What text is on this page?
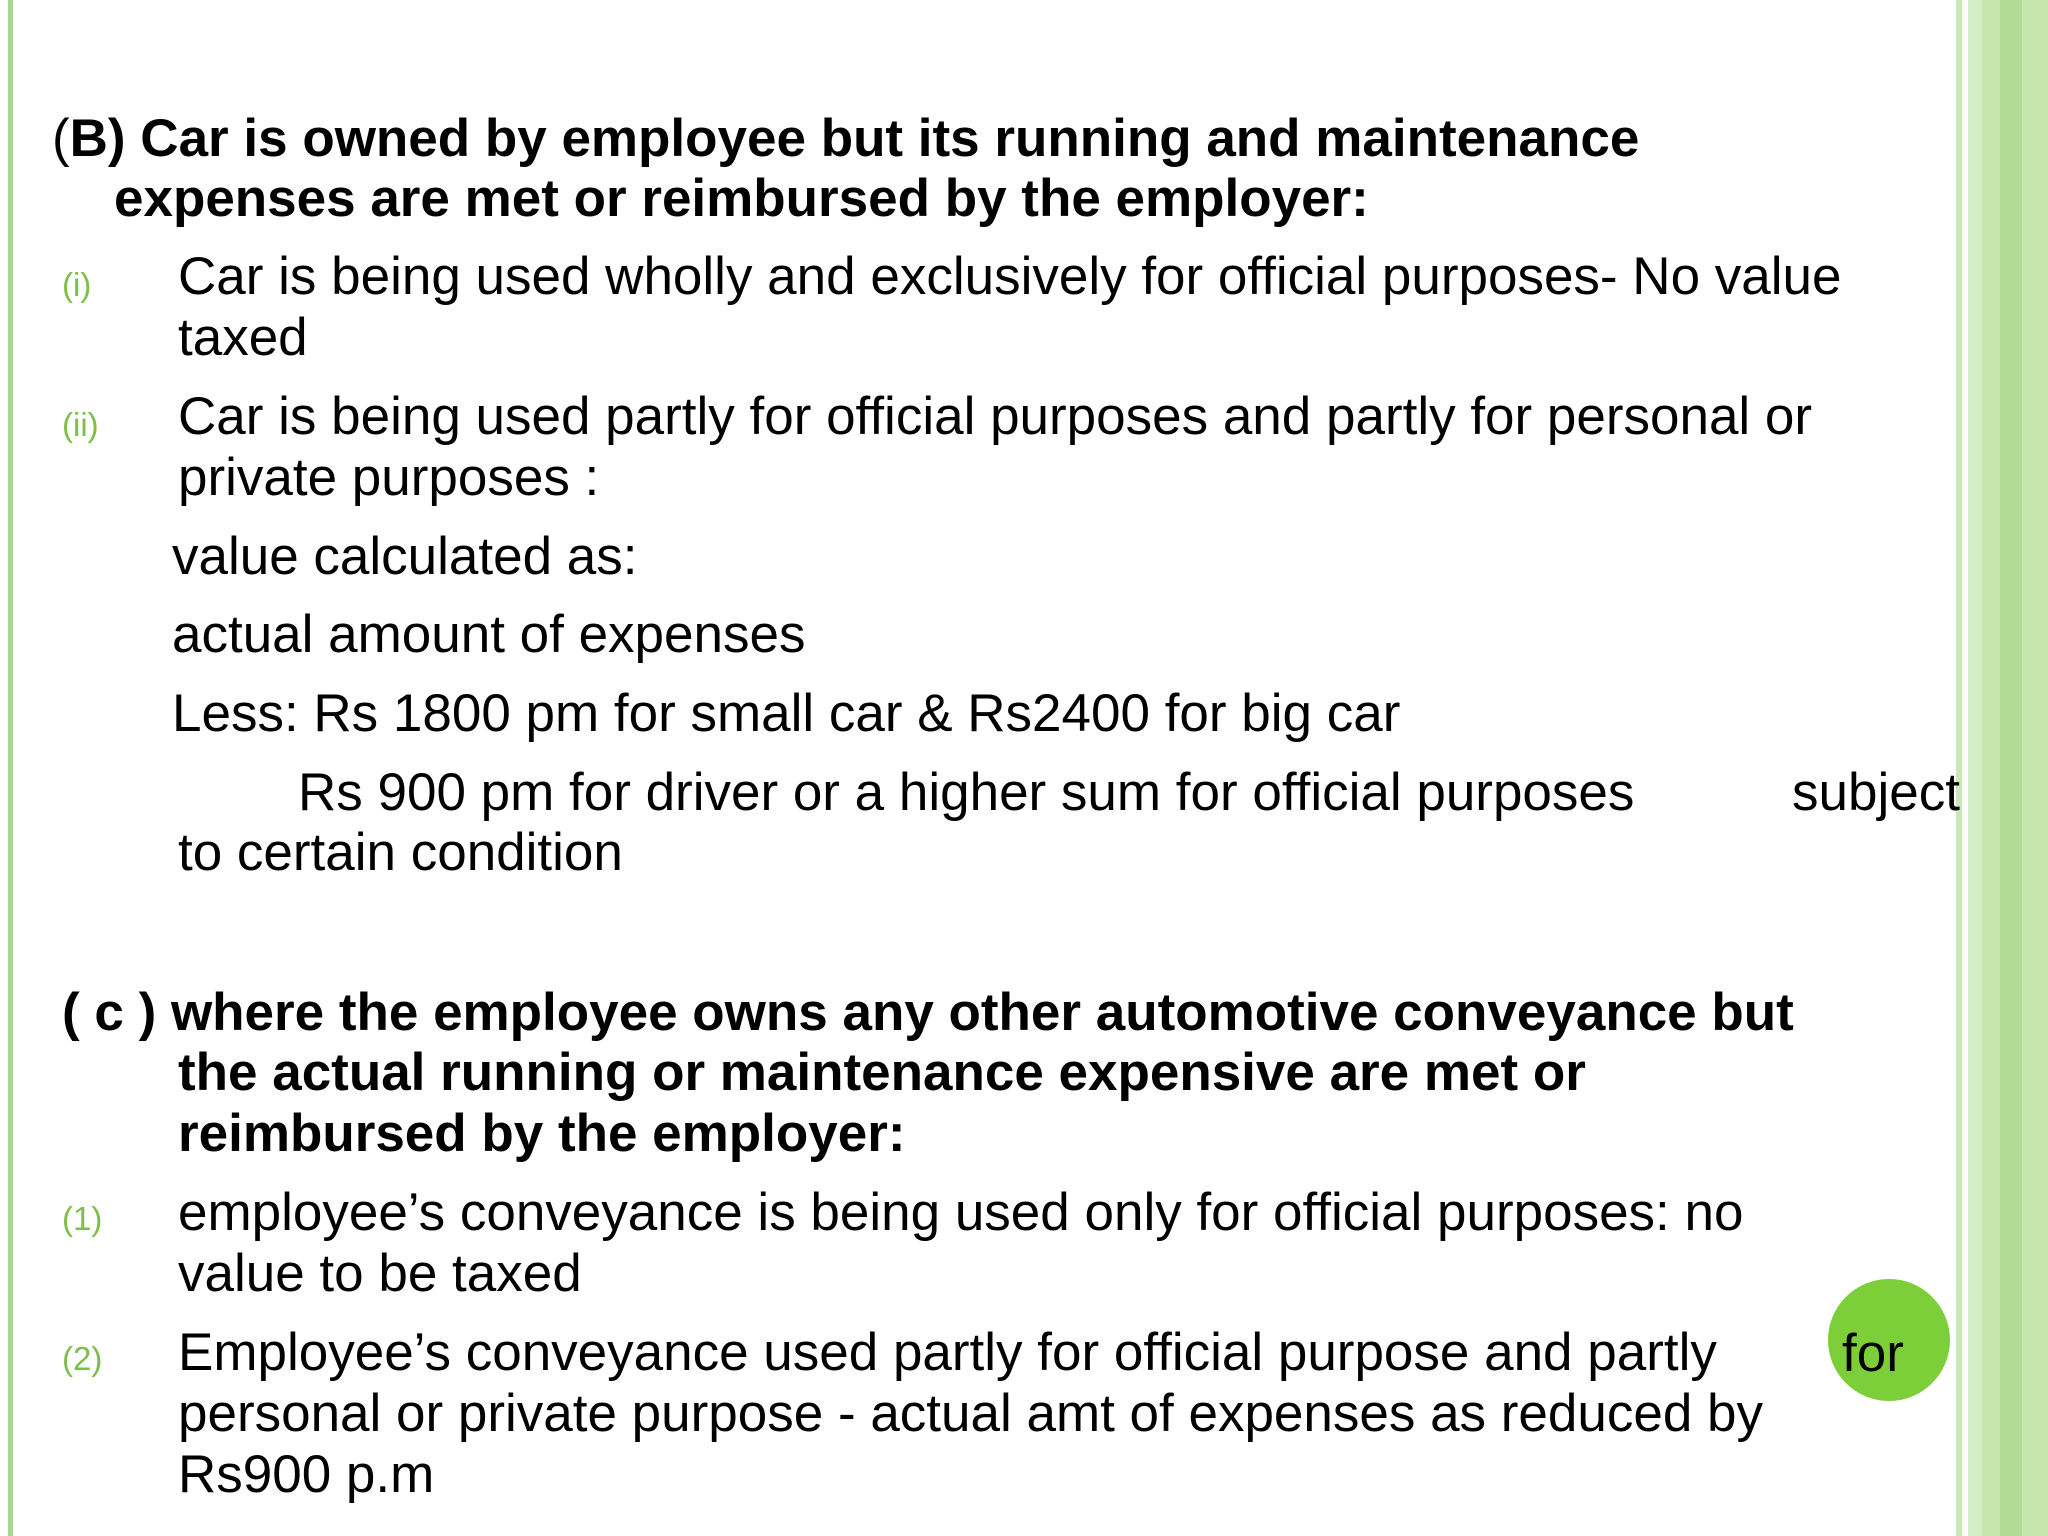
(B) Car is owned by employee but its running and maintenance
expenses are met or reimbursed by the employer:
(i) Car is being used wholly and exclusively for official purposes- No value
taxed
(ii) Car is being used partly for official purposes and partly for personal or
private purposes :
value calculated as:
actual amount of expenses
Less: Rs 1800 pm for small car & Rs2400 for big car
Rs 900 pm for driver or a higher sum for official purposes	subject
to certain condition
( c ) where the employee owns any other automotive conveyance but
the actual running or maintenance expensive are met or
reimbursed by the employer:
(1) employee’s conveyance is being used only for official purposes: no
value to be taxed
(2) Employee’s conveyance used partly for official purpose and partly for
personal or private purpose - actual amt of expenses as reduced by
Rs900 p.m
